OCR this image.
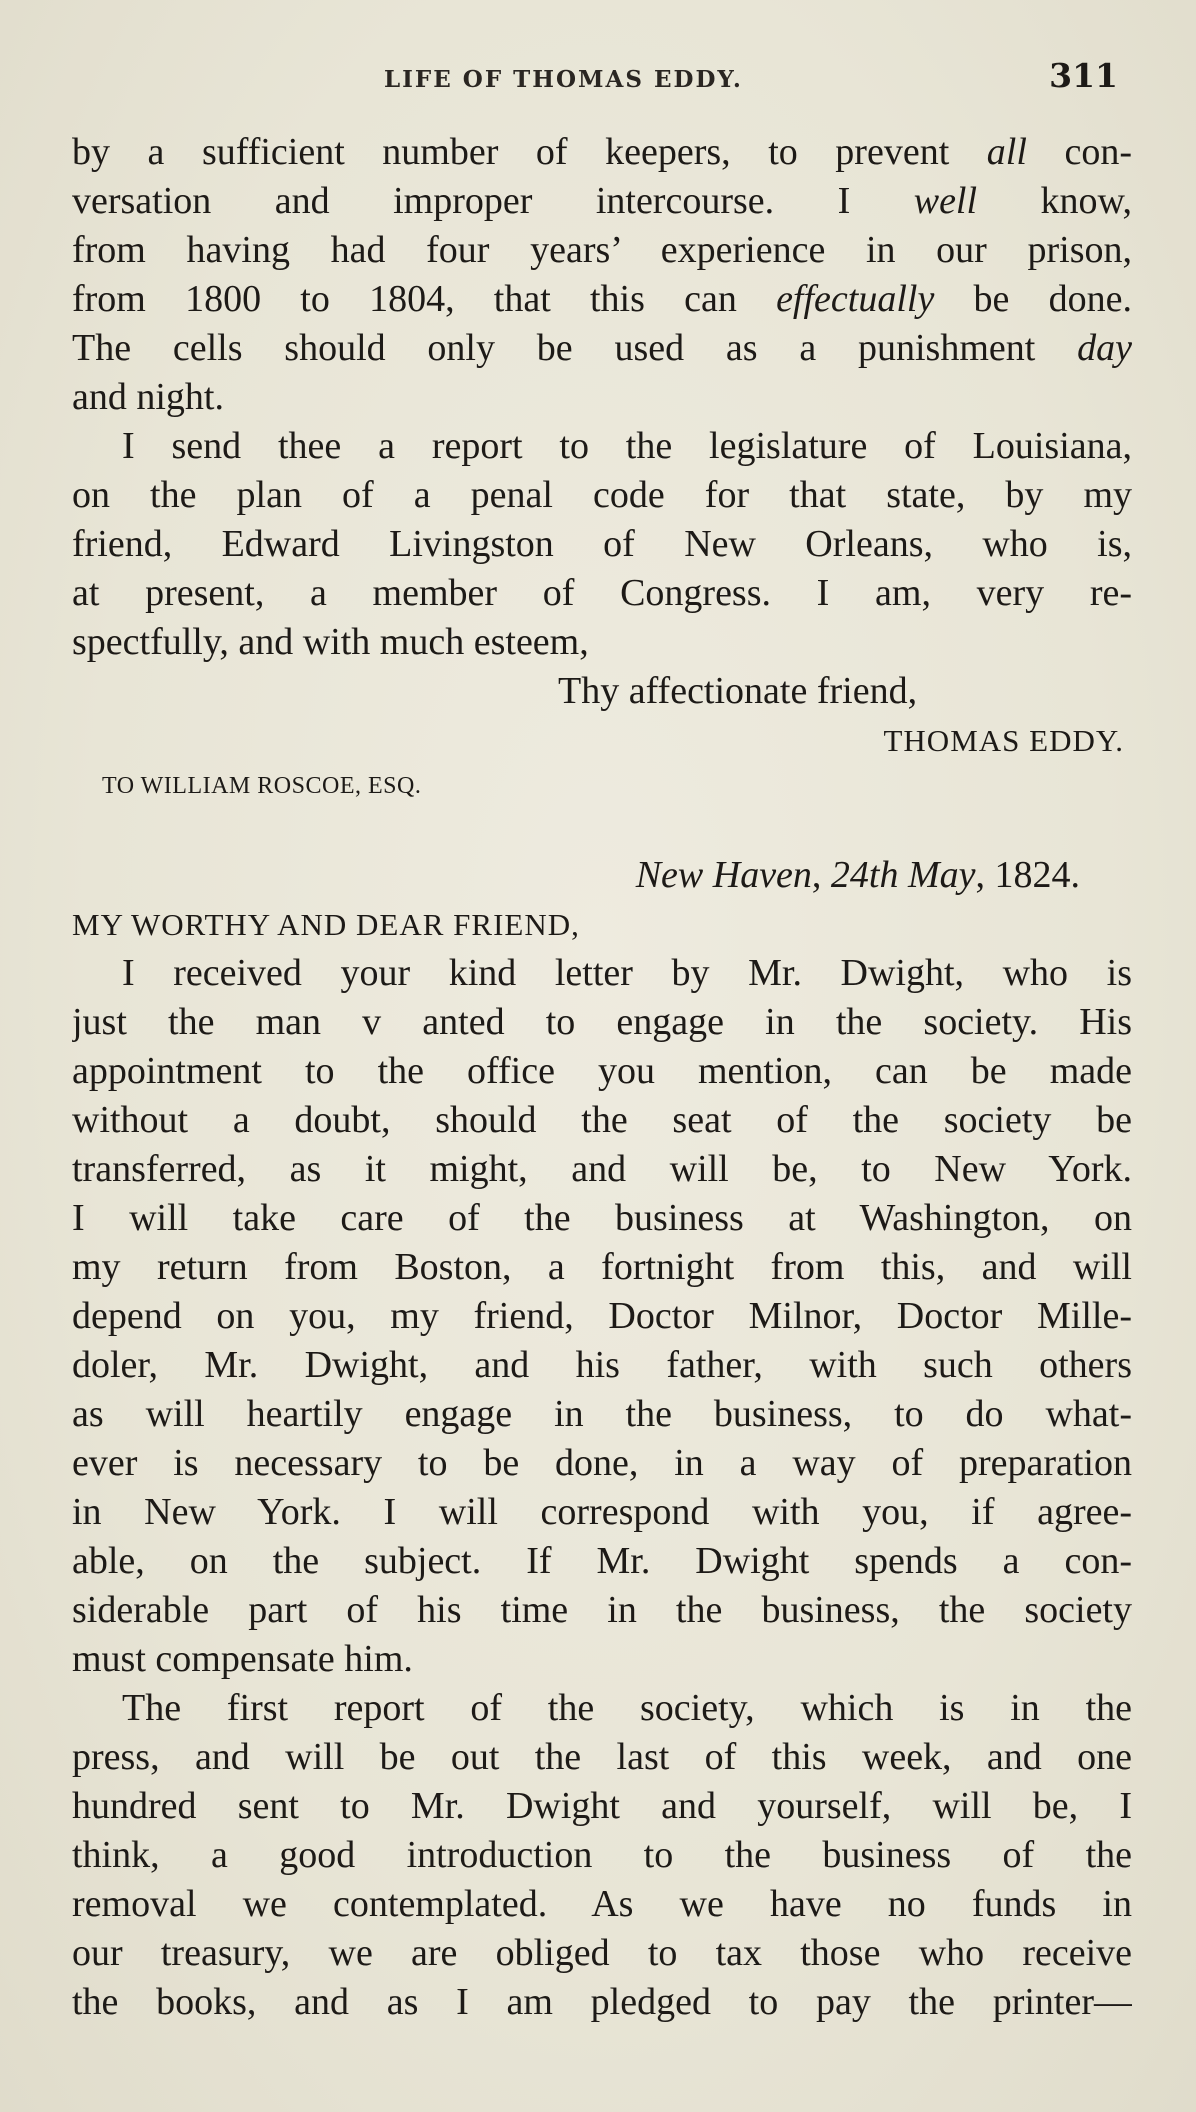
LIFE OF THOMAS EDDY.	311
by a sufficient number of keepers, to prevent all con-
versation and improper intercourse. I well know,
from having had four years’ experience in our prison,
from 1800 to 1804, that this can effectually be done.
The cells should only be used as a punishment day
and night.
I send thee a report to the legislature of Louisiana,
on the plan of a penal code for that state, by my
friend, Edward Livingston of New Orleans, who is,
at present, a member of Congress. I am, very re-
spectfully, and with much esteem,
Thy affectionate friend,
THOMAS EDDY.
TO WILLIAM ROSCOE, ESQ.
New Haven, 24th May, 1824.
MY WORTHY AND DEAR FRIEND,
I received your kind letter by Mr. Dwight, who is
just the man v anted to engage in the society. His
appointment to the office you mention, can be made
without a doubt, should the seat of the society be
transferred, as it might, and will be, to New York.
I will take care of the business at Washington, on
my return from Boston, a fortnight from this, and will
depend on you, my friend, Doctor Milnor, Doctor Mille-
doler, Mr. Dwight, and his father, with such others
as will heartily engage in the business, to do what-
ever is necessary to be done, in a way of preparation
in New York. I will correspond with you, if agree-
able, on the subject. If Mr. Dwight spends a con-
siderable part of his time in the business, the society
must compensate him.
The first report of the society, which is in the
press, and will be out the last of this week, and one
hundred sent to Mr. Dwight and yourself, will be, I
think, a good introduction to the business of the
removal we contemplated. As we have no funds in
our treasury, we are obliged to tax those who receive
the books, and as I am pledged to pay the printer—
